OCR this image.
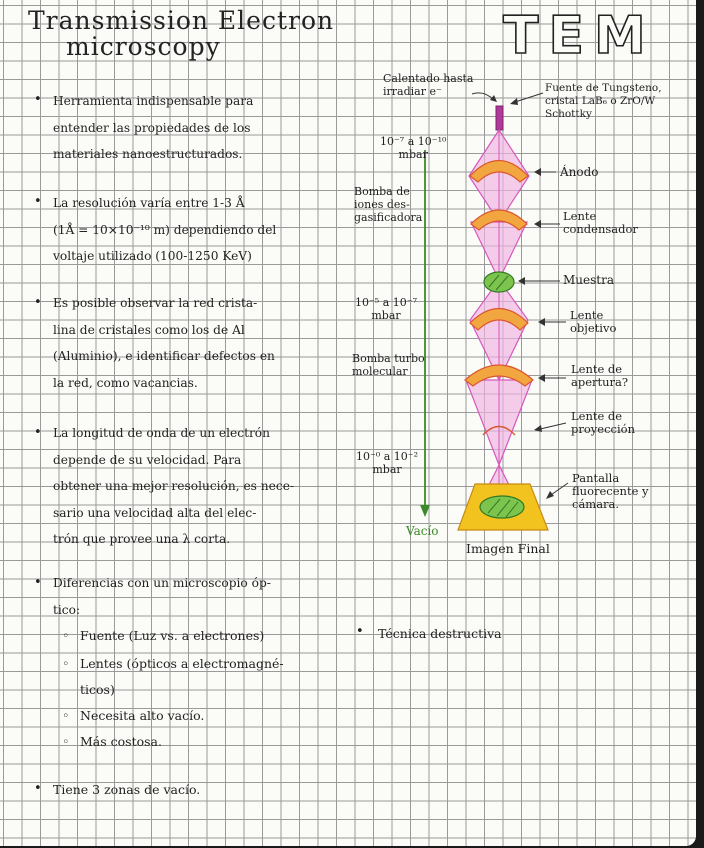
Transmission Electron
microscopy	TEM
• Herramienta indispensable para
entender las propiedades de los
materiales nanoestructurados.
• La resolución varía entre 1-3 Å
(1Å = 10×10⁻¹⁰ m) dependiendo del
voltaje utilizado (100-1250 KeV)
• Es posible observar la red crista-
lina de cristales como los de Al
(Aluminio), e identificar defectos en
la red, como vacancias.
• La longitud de onda de un electrón
depende de su velocidad. Para
obtener una mejor resolución, es nece-
sario una velocidad alta del elec-
trón que provee una λ corta.
• Diferencias con un microscopio óp-
tico:
◦ Fuente (Luz vs. a electrones)
◦ Lentes (ópticos a electromagné-
ticos)
◦ Necesita alto vacío.
◦ Más costosa.
• Tiene 3 zonas de vacío.
• Técnica destructiva
Calentado hasta
irradiar e⁻	Fuente de Tungsteno,
cristal LaB₆ o ZrO/W
Schottky
10⁻⁷ a 10⁻¹⁰
mbar
Bomba de
iones des-
gasificadora
10⁻⁵ a 10⁻⁷
mbar
Bomba turbo
molecular
10⁻⁰ a 10⁻²
mbar
Vacío
Ánodo
Lente
condensador
Muestra
Lente
objetivo
Lente de
apertura?
Lente de
proyección
Pantalla
fluorecente y
cámara.
Imagen Final
